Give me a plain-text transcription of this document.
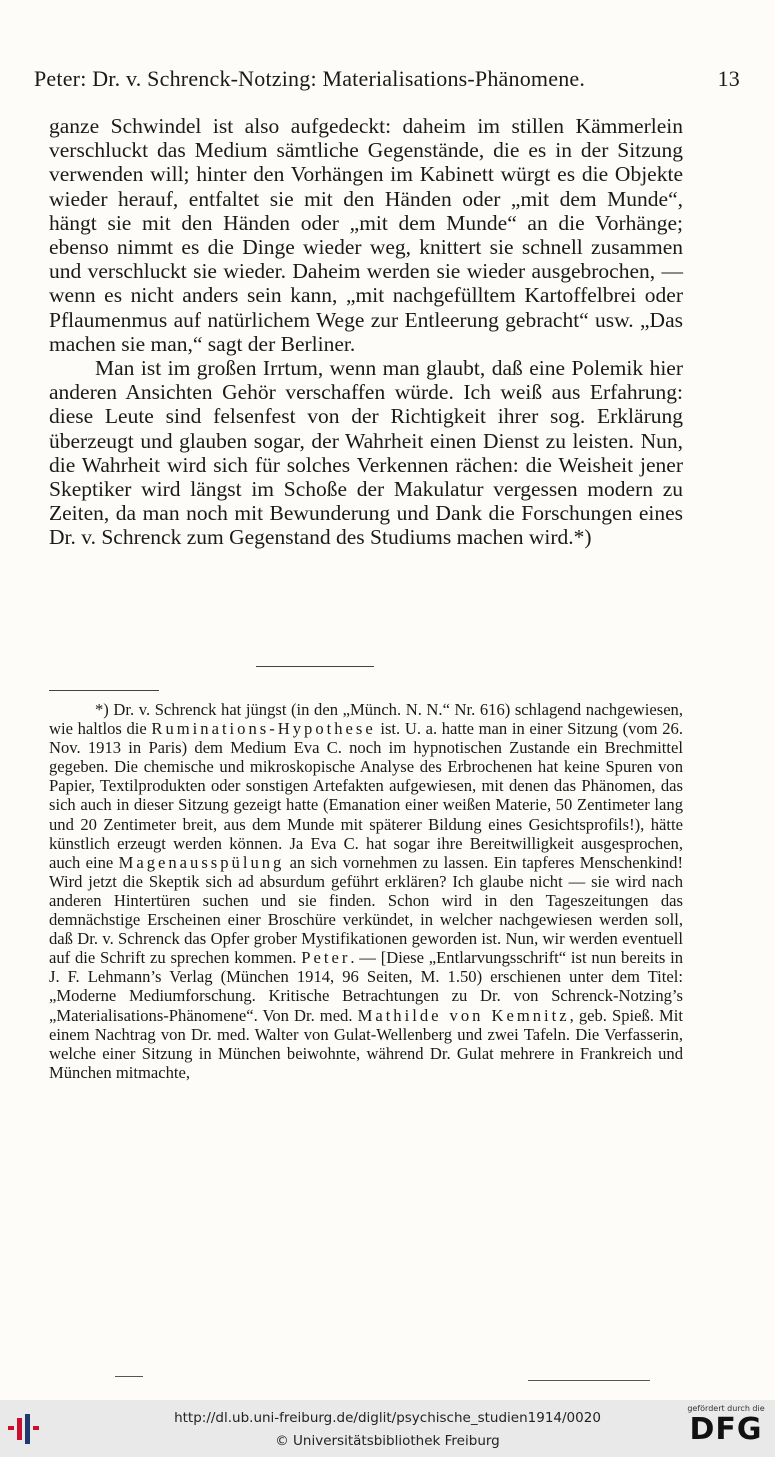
Peter: Dr. v. Schrenck-Notzing: Materialisations-Phänomene.	13

ganze Schwindel ist also aufgedeckt: daheim im stillen Kämmerlein verschluckt das Medium sämtliche Gegenstände, die es in der Sitzung verwenden will; hinter den Vorhängen im Kabinett würgt es die Objekte wieder herauf, entfaltet sie mit den Händen oder „mit dem Munde“, hängt sie mit den Händen oder „mit dem Munde“ an die Vorhänge; ebenso nimmt es die Dinge wieder weg, knittert sie schnell zusammen und verschluckt sie wieder. Daheim werden sie wieder ausgebrochen, — wenn es nicht anders sein kann, „mit nachgefülltem Kartoffelbrei oder Pflaumenmus auf natürlichem Wege zur Entleerung gebracht“ usw. „Das machen sie man,“ sagt der Berliner.

Man ist im großen Irrtum, wenn man glaubt, daß eine Polemik hier anderen Ansichten Gehör verschaffen würde. Ich weiß aus Erfahrung: diese Leute sind felsenfest von der Richtigkeit ihrer sog. Erklärung überzeugt und glauben sogar, der Wahrheit einen Dienst zu leisten. Nun, die Wahrheit wird sich für solches Verkennen rächen: die Weisheit jener Skeptiker wird längst im Schoße der Makulatur vergessen modern zu Zeiten, da man noch mit Bewunderung und Dank die Forschungen eines Dr. v. Schrenck zum Gegenstand des Studiums machen wird.*)

*) Dr. v. Schrenck hat jüngst (in den „Münch. N. N.“ Nr. 616) schlagend nachgewiesen, wie haltlos die Ruminations-Hypothese ist. U. a. hatte man in einer Sitzung (vom 26. Nov. 1913 in Paris) dem Medium Eva C. noch im hypnotischen Zustande ein Brechmittel gegeben. Die chemische und mikroskopische Analyse des Erbrochenen hat keine Spuren von Papier, Textilprodukten oder sonstigen Artefakten aufgewiesen, mit denen das Phänomen, das sich auch in dieser Sitzung gezeigt hatte (Emanation einer weißen Materie, 50 Zentimeter lang und 20 Zentimeter breit, aus dem Munde mit späterer Bildung eines Gesichtsprofils!), hätte künstlich erzeugt werden können. Ja Eva C. hat sogar ihre Bereitwilligkeit ausgesprochen, auch eine Magenausspülung an sich vornehmen zu lassen. Ein tapferes Menschenkind! Wird jetzt die Skeptik sich ad absurdum geführt erklären? Ich glaube nicht — sie wird nach anderen Hintertüren suchen und sie finden. Schon wird in den Tageszeitungen das demnächstige Erscheinen einer Broschüre verkündet, in welcher nachgewiesen werden soll, daß Dr. v. Schrenck das Opfer grober Mystifikationen geworden ist. Nun, wir werden eventuell auf die Schrift zu sprechen kommen. Peter. — [Diese „Entlarvungsschrift“ ist nun bereits in J. F. Lehmann’s Verlag (München 1914, 96 Seiten, M. 1.50) erschienen unter dem Titel: „Moderne Mediumforschung. Kritische Betrachtungen zu Dr. von Schrenck-Notzing’s „Materialisations-Phänomene“. Von Dr. med. Mathilde von Kemnitz, geb. Spieß. Mit einem Nachtrag von Dr. med. Walter von Gulat-Wellenberg und zwei Tafeln. Die Verfasserin, welche einer Sitzung in München beiwohnte, während Dr. Gulat mehrere in Frankreich und München mitmachte,

http://dl.ub.uni-freiburg.de/diglit/psychische_studien1914/0020
© Universitätsbibliothek Freiburg
gefördert durch die
DFG
